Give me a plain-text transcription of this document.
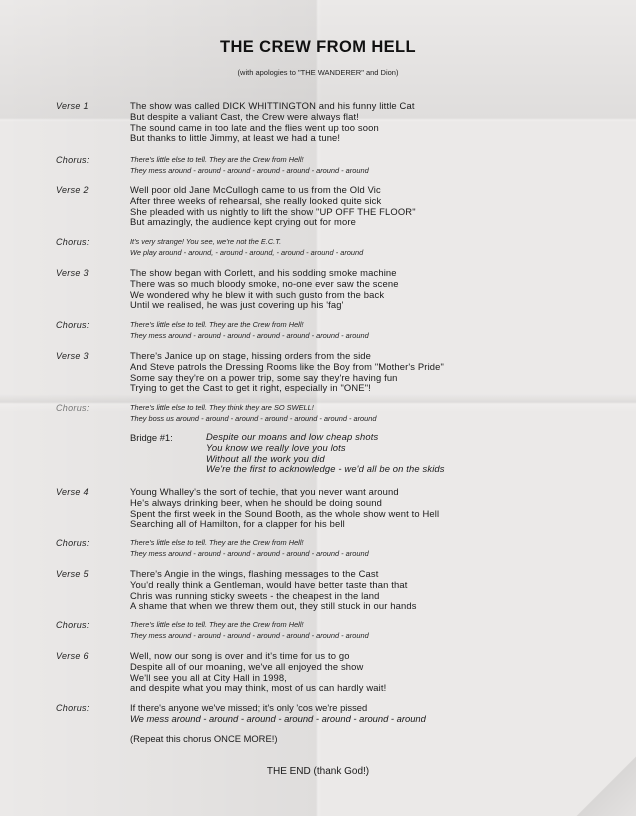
THE CREW FROM HELL
(with apologies to "THE WANDERER" and Dion)
Verse 1	The show was called DICK WHITTINGTON and his funny little Cat
But despite a valiant Cast, the Crew were always flat!
The sound came in too late and the flies went up too soon
But thanks to little Jimmy, at least we had a tune!
Chorus:	There's little else to tell. They are the Crew from Hell!
They mess around - around - around - around - around - around - around
Verse 2	Well poor old Jane McCullogh came to us from the Old Vic
After three weeks of rehearsal, she really looked quite sick
She pleaded with us nightly to lift the show "UP OFF THE FLOOR"
But amazingly, the audience kept crying out for more
Chorus:	It's very strange! You see, we're not the E.C.T.
We play around - around, - around - around, - around - around - around
Verse 3	The show began with Corlett, and his sodding smoke machine
There was so much bloody smoke, no-one ever saw the scene
We wondered why he blew it with such gusto from the back
Until we realised, he was just covering up his 'fag'
Chorus:	There's little else to tell. They are the Crew from Hell!
They mess around - around - around - around - around - around - around
Verse 3	There's Janice up on stage, hissing orders from the side
And Steve patrols the Dressing Rooms like the Boy from "Mother's Pride"
Some say they're on a power trip, some say they're having fun
Trying to get the Cast to get it right, especially in "ONE"!
Chorus:	There's little else to tell. They think they are SO SWELL!
They boss us around - around - around - around - around - around - around
Bridge #1:	Despite our moans and low cheap shots
You know we really love you lots
Without all the work you did
We're the first to acknowledge - we'd all be on the skids
Verse 4	Young Whalley's the sort of techie, that you never want around
He's always drinking beer, when he should be doing sound
Spent the first week in the Sound Booth, as the whole show went to Hell
Searching all of Hamilton, for a clapper for his bell
Chorus:	There's little else to tell. They are the Crew from Hell!
They mess around - around - around - around - around - around - around
Verse 5	There's Angie in the wings, flashing messages to the Cast
You'd really think a Gentleman, would have better taste than that
Chris was running sticky sweets - the cheapest in the land
A shame that when we threw them out, they still stuck in our hands
Chorus:	There's little else to tell. They are the Crew from Hell!
They mess around - around - around - around - around - around - around
Verse 6	Well, now our song is over and it's time for us to go
Despite all of our moaning, we've all enjoyed the show
We'll see you all at City Hall in 1998,
and despite what you may think, most of us can hardly wait!
Chorus:	If there's anyone we've missed; it's only 'cos we're pissed
We mess around - around - around - around - around - around - around
(Repeat this chorus ONCE MORE!)
THE END (thank God!)
